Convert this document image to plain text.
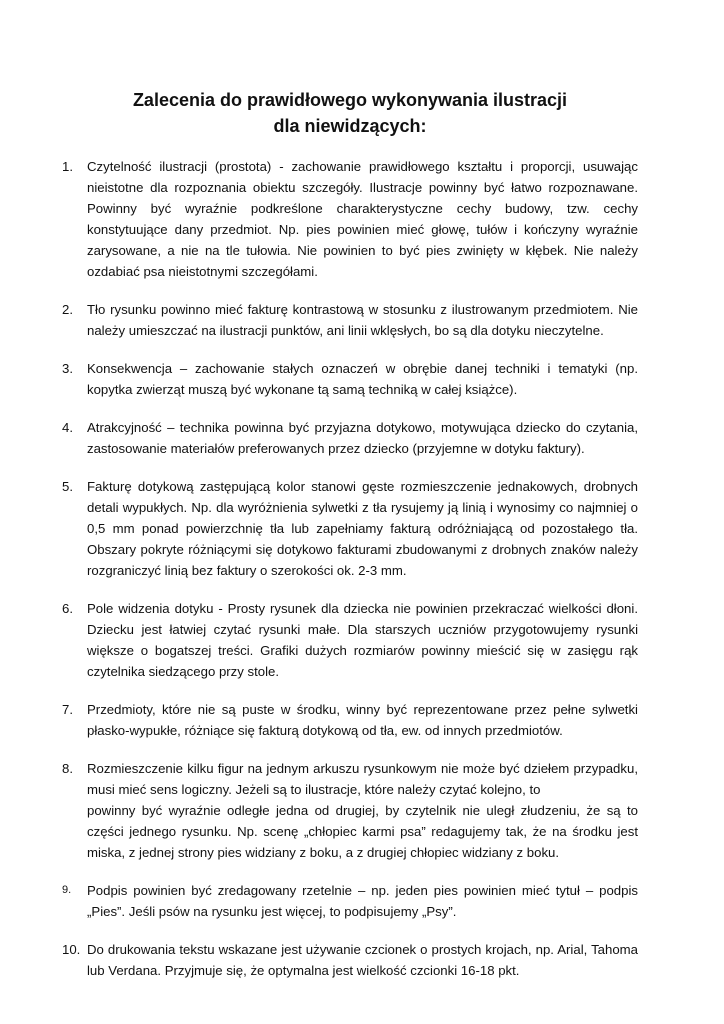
Zalecenia do prawidłowego wykonywania ilustracji
dla niewidzących:
1. Czytelność ilustracji (prostota) - zachowanie prawidłowego kształtu i proporcji, usuwając nieistotne dla rozpoznania obiektu szczegóły. Ilustracje powinny być łatwo rozpoznawane. Powinny być wyraźnie podkreślone charakterystyczne cechy budowy, tzw. cechy konstytuujące dany przedmiot. Np. pies powinien mieć głowę, tułów i kończyny wyraźnie zarysowane, a nie na tle tułowia. Nie powinien to być pies zwinięty w kłębek. Nie należy ozdabiać psa nieistotnymi szczegółami.
2. Tło rysunku powinno mieć fakturę kontrastową w stosunku z ilustrowanym przedmiotem. Nie należy umieszczać na ilustracji punktów, ani linii wklęsłych, bo są dla dotyku nieczytelne.
3. Konsekwencja – zachowanie stałych oznaczeń w obrębie danej techniki i tematyki (np. kopytka zwierząt muszą być wykonane tą samą techniką w całej książce).
4. Atrakcyjność – technika powinna być przyjazna dotykowo, motywująca dziecko do czytania, zastosowanie materiałów preferowanych przez dziecko (przyjemne w dotyku faktury).
5. Fakturę dotykową zastępującą kolor stanowi gęste rozmieszczenie jednakowych, drobnych detali wypukłych. Np. dla wyróżnienia sylwetki z tła rysujemy ją linią i wynosimy co najmniej o 0,5 mm ponad powierzchnię tła lub zapełniamy fakturą odróżniającą od pozostałego tła. Obszary pokryte różniącymi się dotykowo fakturami zbudowanymi z drobnych znaków należy rozgraniczyć linią bez faktury o szerokości ok. 2-3 mm.
6. Pole widzenia dotyku - Prosty rysunek dla dziecka nie powinien przekraczać wielkości dłoni. Dziecku jest łatwiej czytać rysunki małe. Dla starszych uczniów przygotowujemy rysunki większe o bogatszej treści. Grafiki dużych rozmiarów powinny mieścić się w zasięgu rąk czytelnika siedzącego przy stole.
7. Przedmioty, które nie są puste w środku, winny być reprezentowane przez pełne sylwetki płasko-wypukłe, różniące się fakturą dotykową od tła, ew. od innych przedmiotów.
8. Rozmieszczenie kilku figur na jednym arkuszu rysunkowym nie może być dziełem przypadku, musi mieć sens logiczny. Jeżeli są to ilustracje, które należy czytać kolejno, to
powinny być wyraźnie odległe jedna od drugiej, by czytelnik nie uległ złudzeniu, że są to części jednego rysunku. Np. scenę „chłopiec karmi psa” redagujemy tak, że na środku jest miska, z jednej strony pies widziany z boku, a z drugiej chłopiec widziany z boku.
9. Podpis powinien być zredagowany rzetelnie – np. jeden pies powinien mieć tytuł – podpis „Pies”. Jeśli psów na rysunku jest więcej, to podpisujemy „Psy”.
10. Do drukowania tekstu wskazane jest używanie czcionek o prostych krojach, np. Arial, Tahoma lub Verdana. Przyjmuje się, że optymalna jest wielkość czcionki 16-18 pkt.
